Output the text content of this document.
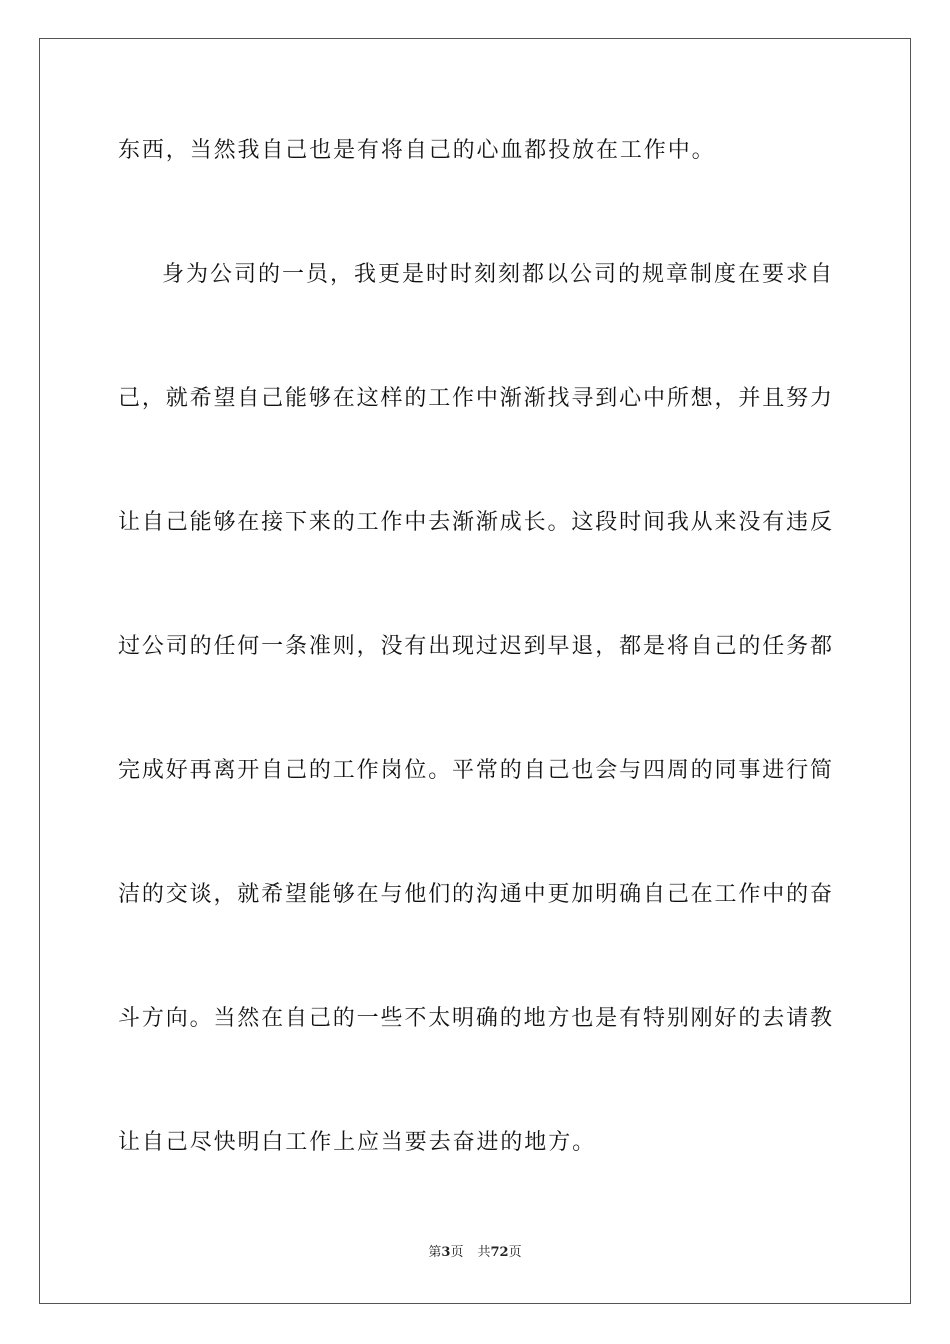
东西，当然我自己也是有将自己的心血都投放在工作中。
身为公司的一员，我更是时时刻刻都以公司的规章制度在要求自
己，就希望自己能够在这样的工作中渐渐找寻到心中所想，并且努力
让自己能够在接下来的工作中去渐渐成长。这段时间我从来没有违反
过公司的任何一条准则，没有出现过迟到早退，都是将自己的任务都
完成好再离开自己的工作岗位。平常的自己也会与四周的同事进行简
洁的交谈，就希望能够在与他们的沟通中更加明确自己在工作中的奋
斗方向。当然在自己的一些不太明确的地方也是有特别刚好的去请教
让自己尽快明白工作上应当要去奋进的地方。
第3页 共72页
